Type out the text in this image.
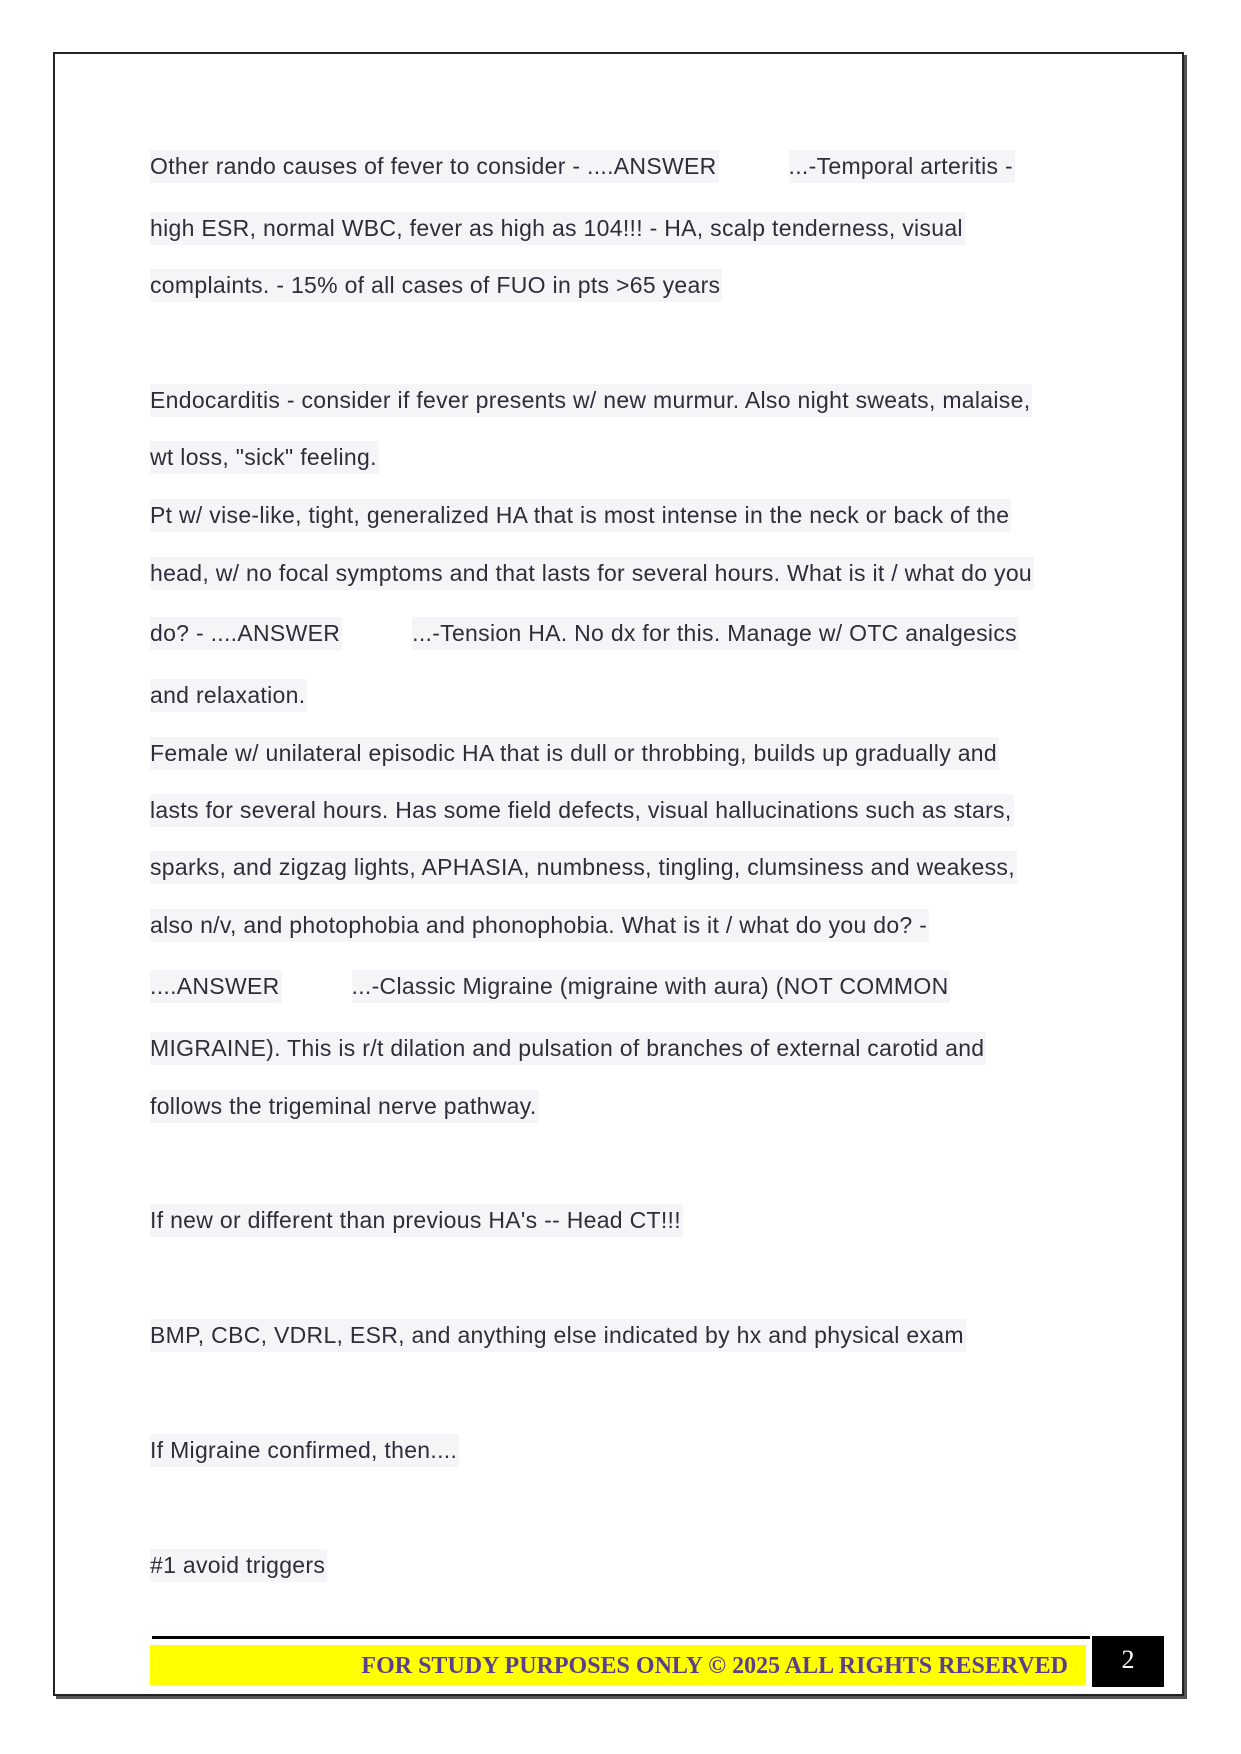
Other rando causes of fever to consider - ....ANSWER	...-Temporal arteritis -
high ESR, normal WBC, fever as high as 104!!! - HA, scalp tenderness, visual
complaints. - 15% of all cases of FUO in pts >65 years
Endocarditis - consider if fever presents w/ new murmur. Also night sweats, malaise,
wt loss, "sick" feeling.
Pt w/ vise-like, tight, generalized HA that is most intense in the neck or back of the
head, w/ no focal symptoms and that lasts for several hours. What is it / what do you
do? - ....ANSWER	...-Tension HA. No dx for this. Manage w/ OTC analgesics
and relaxation.
Female w/ unilateral episodic HA that is dull or throbbing, builds up gradually and
lasts for several hours. Has some field defects, visual hallucinations such as stars,
sparks, and zigzag lights, APHASIA, numbness, tingling, clumsiness and weakess,
also n/v, and photophobia and phonophobia. What is it / what do you do? -
....ANSWER	...-Classic Migraine (migraine with aura) (NOT COMMON
MIGRAINE). This is r/t dilation and pulsation of branches of external carotid and
follows the trigeminal nerve pathway.
If new or different than previous HA's -- Head CT!!!
BMP, CBC, VDRL, ESR, and anything else indicated by hx and physical exam
If Migraine confirmed, then....
#1 avoid triggers
FOR STUDY PURPOSES ONLY © 2025 ALL RIGHTS RESERVED	2
